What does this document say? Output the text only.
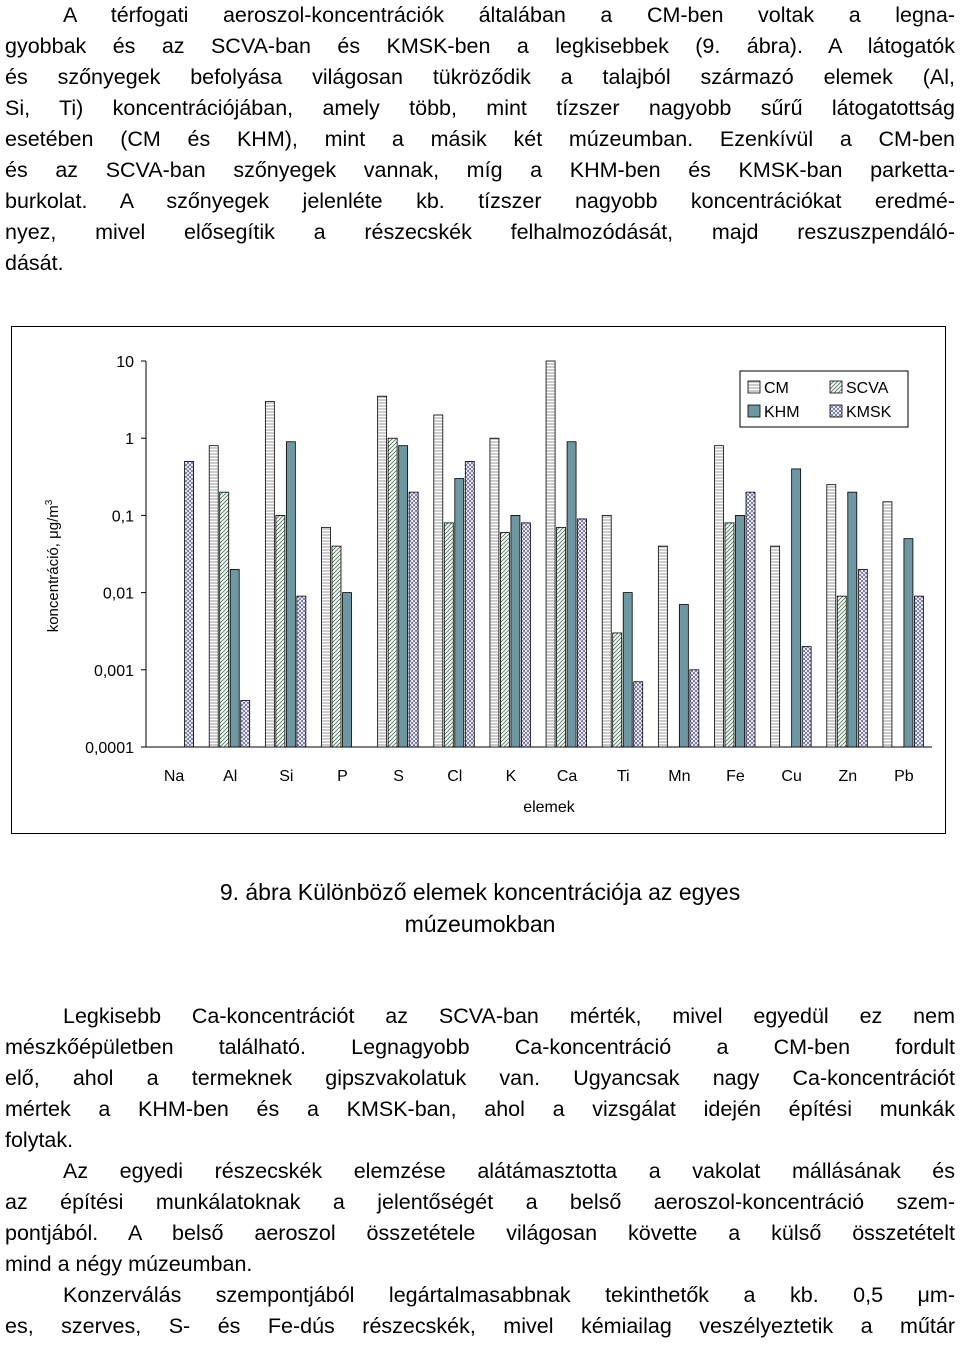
A térfogati aeroszol-koncentrációk általában a CM-ben voltak a legna-
gyobbak és az SCVA-ban és KMSK-ben a legkisebbek (9. ábra). A látogatók
és szőnyegek befolyása világosan tükröződik a talajból származó elemek (Al,
Si, Ti) koncentrációjában, amely több, mint tízszer nagyobb sűrű látogatottság
esetében (CM és KHM), mint a másik két múzeumban. Ezenkívül a CM-ben
és az SCVA-ban szőnyegek vannak, míg a KHM-ben és KMSK-ban parketta-
burkolat. A szőnyegek jelenléte kb. tízszer nagyobb koncentrációkat eredmé-
nyez, mivel elősegítik a részecskék felhalmozódását, majd reszuszpendáló-
dását.
10
1
0,1
0,01
0,001
0,0001
koncentráció, $\mu g/m^3$
Na Al	Si	P	S	Cl	K	Ca Ti Mn Fe Cu Zn Pb
elemek
CM	SCVA
KHM	KMSK
9. ábra Különböző elemek koncentrációja az egyes
múzeumokban
Legkisebb Ca-koncentrációt az SCVA-ban mérték, mivel egyedül ez nem
mészkőépületben található. Legnagyobb Ca-koncentráció a CM-ben fordult
elő, ahol a termeknek gipszvakolatuk van. Ugyancsak nagy Ca-koncentrációt
mértek a KHM-ben és a KMSK-ban, ahol a vizsgálat idején építési munkák
folytak.
Az egyedi részecskék elemzése alátámasztotta a vakolat mállásának és
az építési munkálatoknak a jelentőségét a belső aeroszol-koncentráció szem-
pontjából. A belső aeroszol összetétele világosan követte a külső összetételt
mind a négy múzeumban.
Konzerválás szempontjából legártalmasabbnak tekinthetők a kb. 0,5 μm-
es, szerves, S- és Fe-dús részecskék, mivel kémiailag veszélyeztetik a műtár
